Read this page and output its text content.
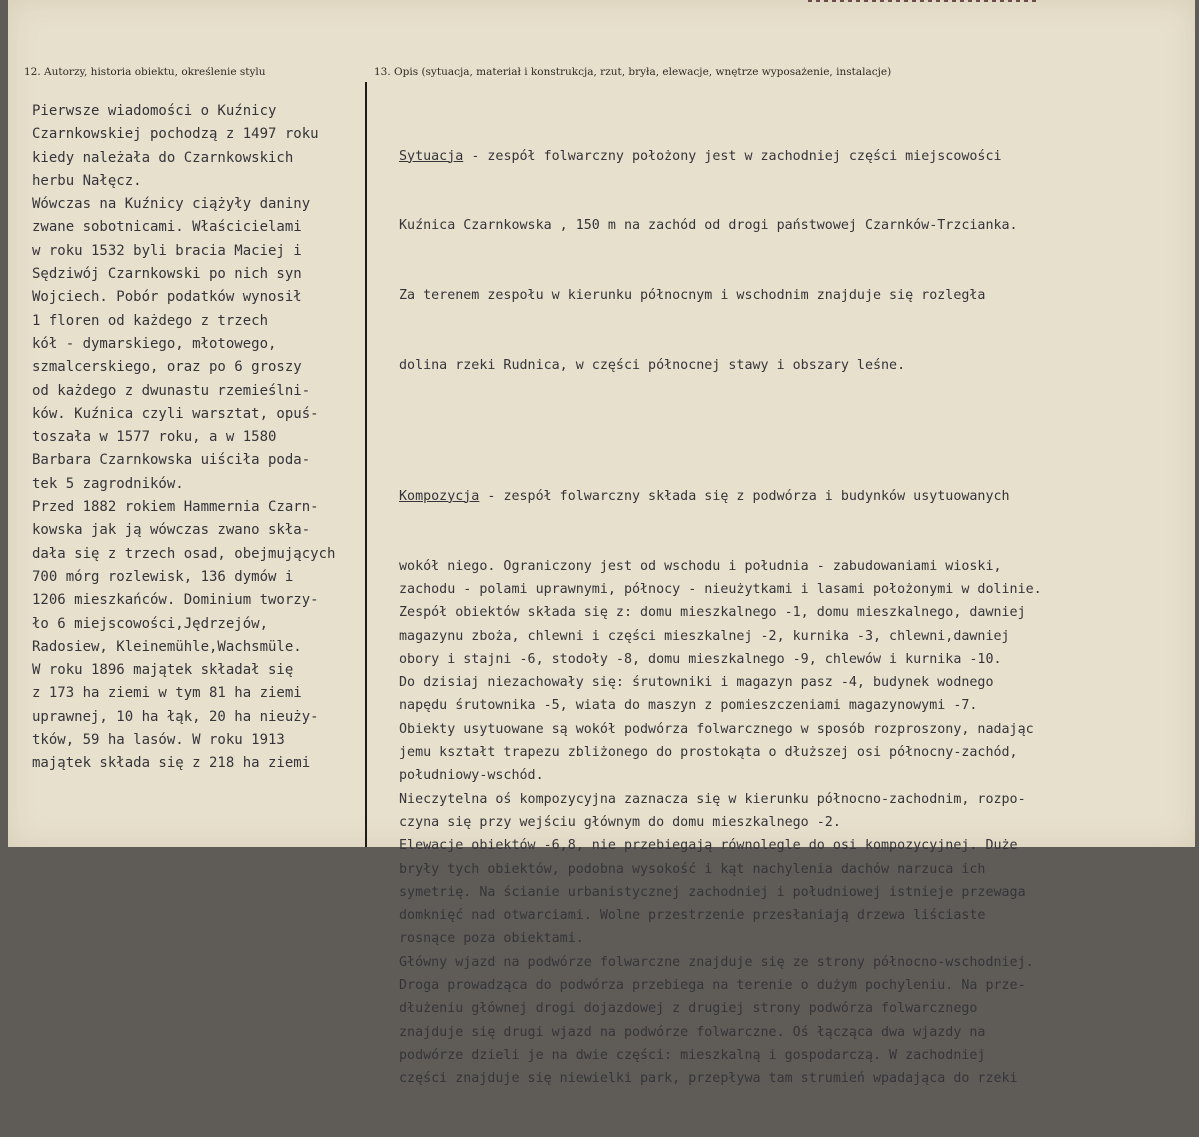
12. Autorzy, historia obiektu, określenie stylu	13. Opis (sytuacja, materiał i konstrukcja, rzut, bryła, elewacje, wnętrze wyposażenie, instalacje)
Pierwsze wiadomości o Kuźnicy
Czarnkowskiej pochodzą z 1497 roku
kiedy należała do Czarnkowskich
herbu Nałęcz.
Wówczas na Kuźnicy ciążyły daniny
zwane sobotnicami. Właścicielami
w roku 1532 byli bracia Maciej i
Sędziwój Czarnkowski po nich syn
Wojciech. Pobór podatków wynosił
1 floren od każdego z trzech
kół - dymarskiego, młotowego,
szmalcerskiego, oraz po 6 groszy
od każdego z dwunastu rzemieślni-
ków. Kuźnica czyli warsztat, opuś-
toszała w 1577 roku, a w 1580
Barbara Czarnkowska uiściła poda-
tek 5 zagrodników.
Przed 1882 rokiem Hammernia Czarn-
kowska jak ją wówczas zwano skła-
dała się z trzech osad, obejmujących
700 mórg rozlewisk, 136 dymów i
1206 mieszkańców. Dominium tworzy-
ło 6 miejscowości,Jędrzejów,
Radosiew, Kleinemühle,Wachsmüle.
W roku 1896 majątek składał się
z 173 ha ziemi w tym 81 ha ziemi
uprawnej, 10 ha łąk, 20 ha nieuży-
tków, 59 ha lasów. W roku 1913
majątek składa się z 218 ha ziemi

Sytuacja - zespół folwarczny położony jest w zachodniej części miejscowości

Kuźnica Czarnkowska , 150 m na zachód od drogi państwowej Czarnków-Trzcianka.

Za terenem zespołu w kierunku północnym i wschodnim znajduje się rozległa

dolina rzeki Rudnica, w części północnej stawy i obszary leśne.

Kompozycja - zespół folwarczny składa się z podwórza i budynków usytuowanych

wokół niego. Ograniczony jest od wschodu i południa - zabudowaniami wioski,
zachodu - polami uprawnymi, północy - nieużytkami i lasami położonymi w dolinie.
Zespół obiektów składa się z: domu mieszkalnego -1, domu mieszkalnego, dawniej
magazynu zboża, chlewni i części mieszkalnej -2, kurnika -3, chlewni,dawniej
obory i stajni -6, stodoły -8, domu mieszkalnego -9, chlewów i kurnika -10.
Do dzisiaj niezachowały się: śrutowniki i magazyn pasz -4, budynek wodnego
napędu śrutownika -5, wiata do maszyn z pomieszczeniami magazynowymi -7.
Obiekty usytuowane są wokół podwórza folwarcznego w sposób rozproszony, nadając
jemu kształt trapezu zbliżonego do prostokąta o dłuższej osi północny-zachód,
południowy-wschód.
Nieczytelna oś kompozycyjna zaznacza się w kierunku północno-zachodnim, rozpo-
czyna się przy wejściu głównym do domu mieszkalnego -2.
Elewacje obiektów -6,8, nie przebiegają równolegle do osi kompozycyjnej. Duże
bryły tych obiektów, podobna wysokość i kąt nachylenia dachów narzuca ich
symetrię. Na ścianie urbanistycznej zachodniej i południowej istnieje przewaga
domknięć nad otwarciami. Wolne przestrzenie przesłaniają drzewa liściaste
rosnące poza obiektami.
Główny wjazd na podwórze folwarczne znajduje się ze strony północno-wschodniej.
Droga prowadząca do podwórza przebiega na terenie o dużym pochyleniu. Na prze-
dłużeniu głównej drogi dojazdowej z drugiej strony podwórza folwarcznego
znajduje się drugi wjazd na podwórze folwarczne. Oś łącząca dwa wjazdy na
podwórze dzieli je na dwie części: mieszkalną i gospodarczą. W zachodniej
części znajduje się niewielki park, przepływa tam strumień wpadająca do rzeki
